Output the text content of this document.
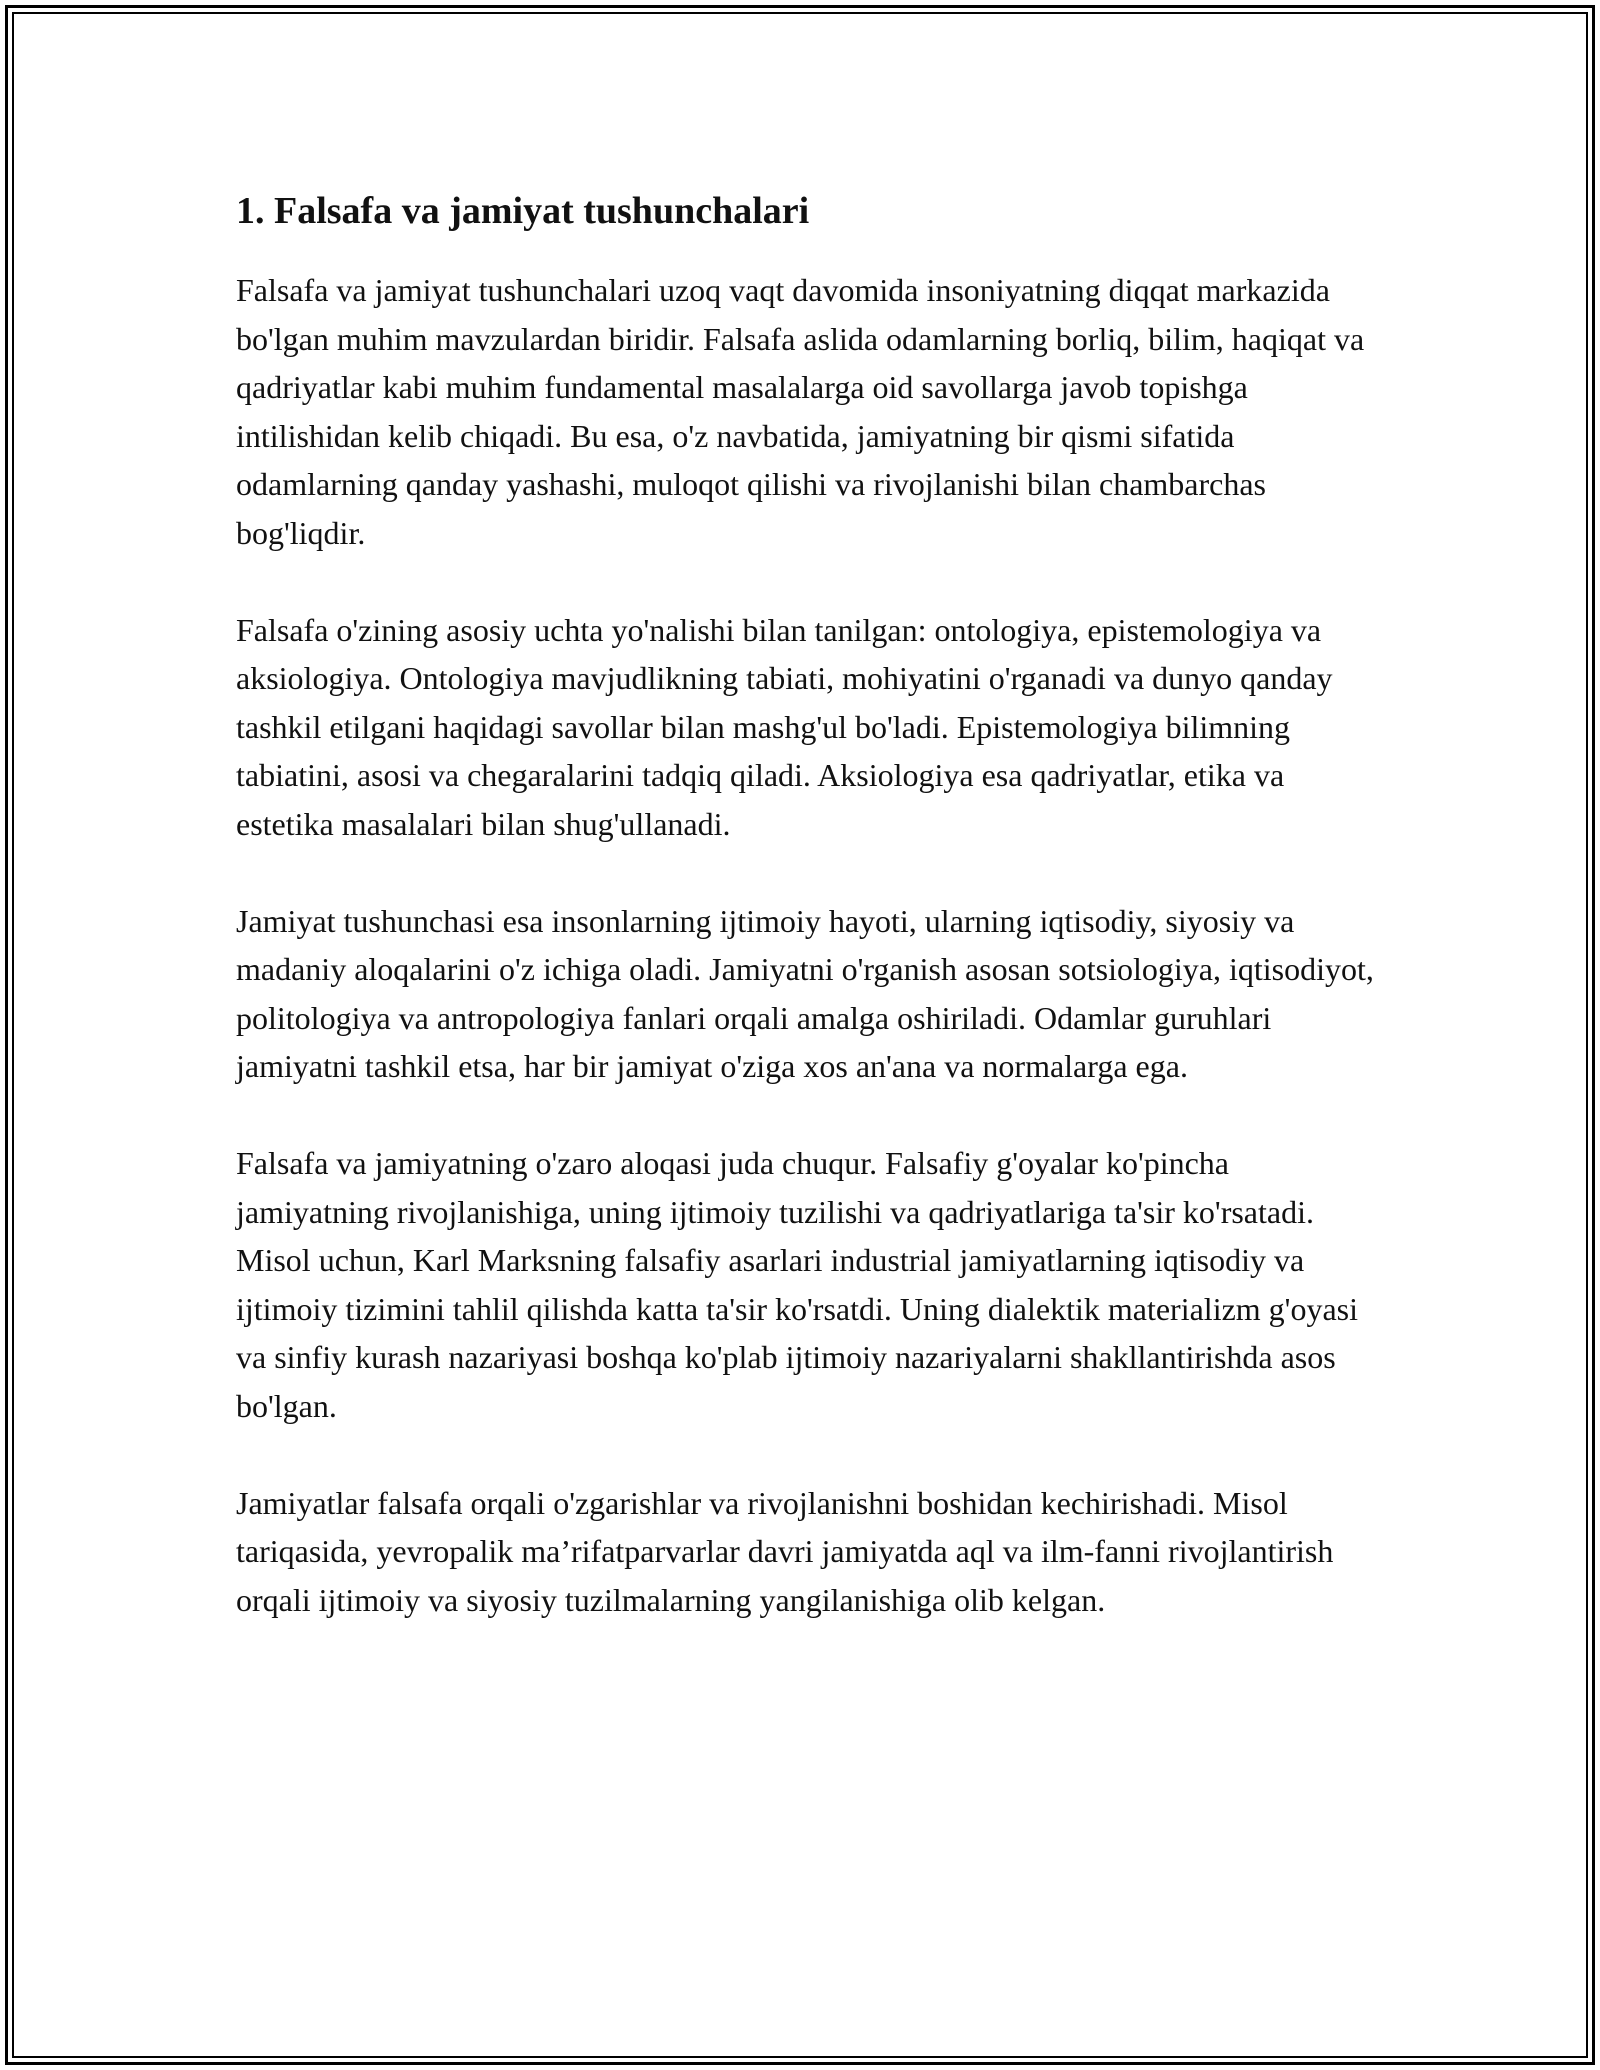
1. Falsafa va jamiyat tushunchalari

Falsafa va jamiyat tushunchalari uzoq vaqt davomida insoniyatning diqqat markazida bo'lgan muhim mavzulardan biridir. Falsafa aslida odamlarning borliq, bilim, haqiqat va qadriyatlar kabi muhim fundamental masalalarga oid savollarga javob topishga intilishidan kelib chiqadi. Bu esa, o'z navbatida, jamiyatning bir qismi sifatida odamlarning qanday yashashi, muloqot qilishi va rivojlanishi bilan chambarchas bog'liqdir.

Falsafa o'zining asosiy uchta yo'nalishi bilan tanilgan: ontologiya, epistemologiya va aksiologiya. Ontologiya mavjudlikning tabiati, mohiyatini o'rganadi va dunyo qanday tashkil etilgani haqidagi savollar bilan mashg'ul bo'ladi. Epistemologiya bilimning tabiatini, asosi va chegaralarini tadqiq qiladi. Aksiologiya esa qadriyatlar, etika va estetika masalalari bilan shug'ullanadi.

Jamiyat tushunchasi esa insonlarning ijtimoiy hayoti, ularning iqtisodiy, siyosiy va madaniy aloqalarini o'z ichiga oladi. Jamiyatni o'rganish asosan sotsiologiya, iqtisodiyot, politologiya va antropologiya fanlari orqali amalga oshiriladi. Odamlar guruhlari jamiyatni tashkil etsa, har bir jamiyat o'ziga xos an'ana va normalarga ega.

Falsafa va jamiyatning o'zaro aloqasi juda chuqur. Falsafiy g'oyalar ko'pincha jamiyatning rivojlanishiga, uning ijtimoiy tuzilishi va qadriyatlariga ta'sir ko'rsatadi. Misol uchun, Karl Marksning falsafiy asarlari industrial jamiyatlarning iqtisodiy va ijtimoiy tizimini tahlil qilishda katta ta'sir ko'rsatdi. Uning dialektik materializm g'oyasi va sinfiy kurash nazariyasi boshqa ko'plab ijtimoiy nazariyalarni shakllantirishda asos bo'lgan.

Jamiyatlar falsafa orqali o'zgarishlar va rivojlanishni boshidan kechirishadi. Misol tariqasida, yevropalik ma’rifatparvarlar davri jamiyatda aql va ilm-fanni rivojlantirish orqali ijtimoiy va siyosiy tuzilmalarning yangilanishiga olib kelgan.
